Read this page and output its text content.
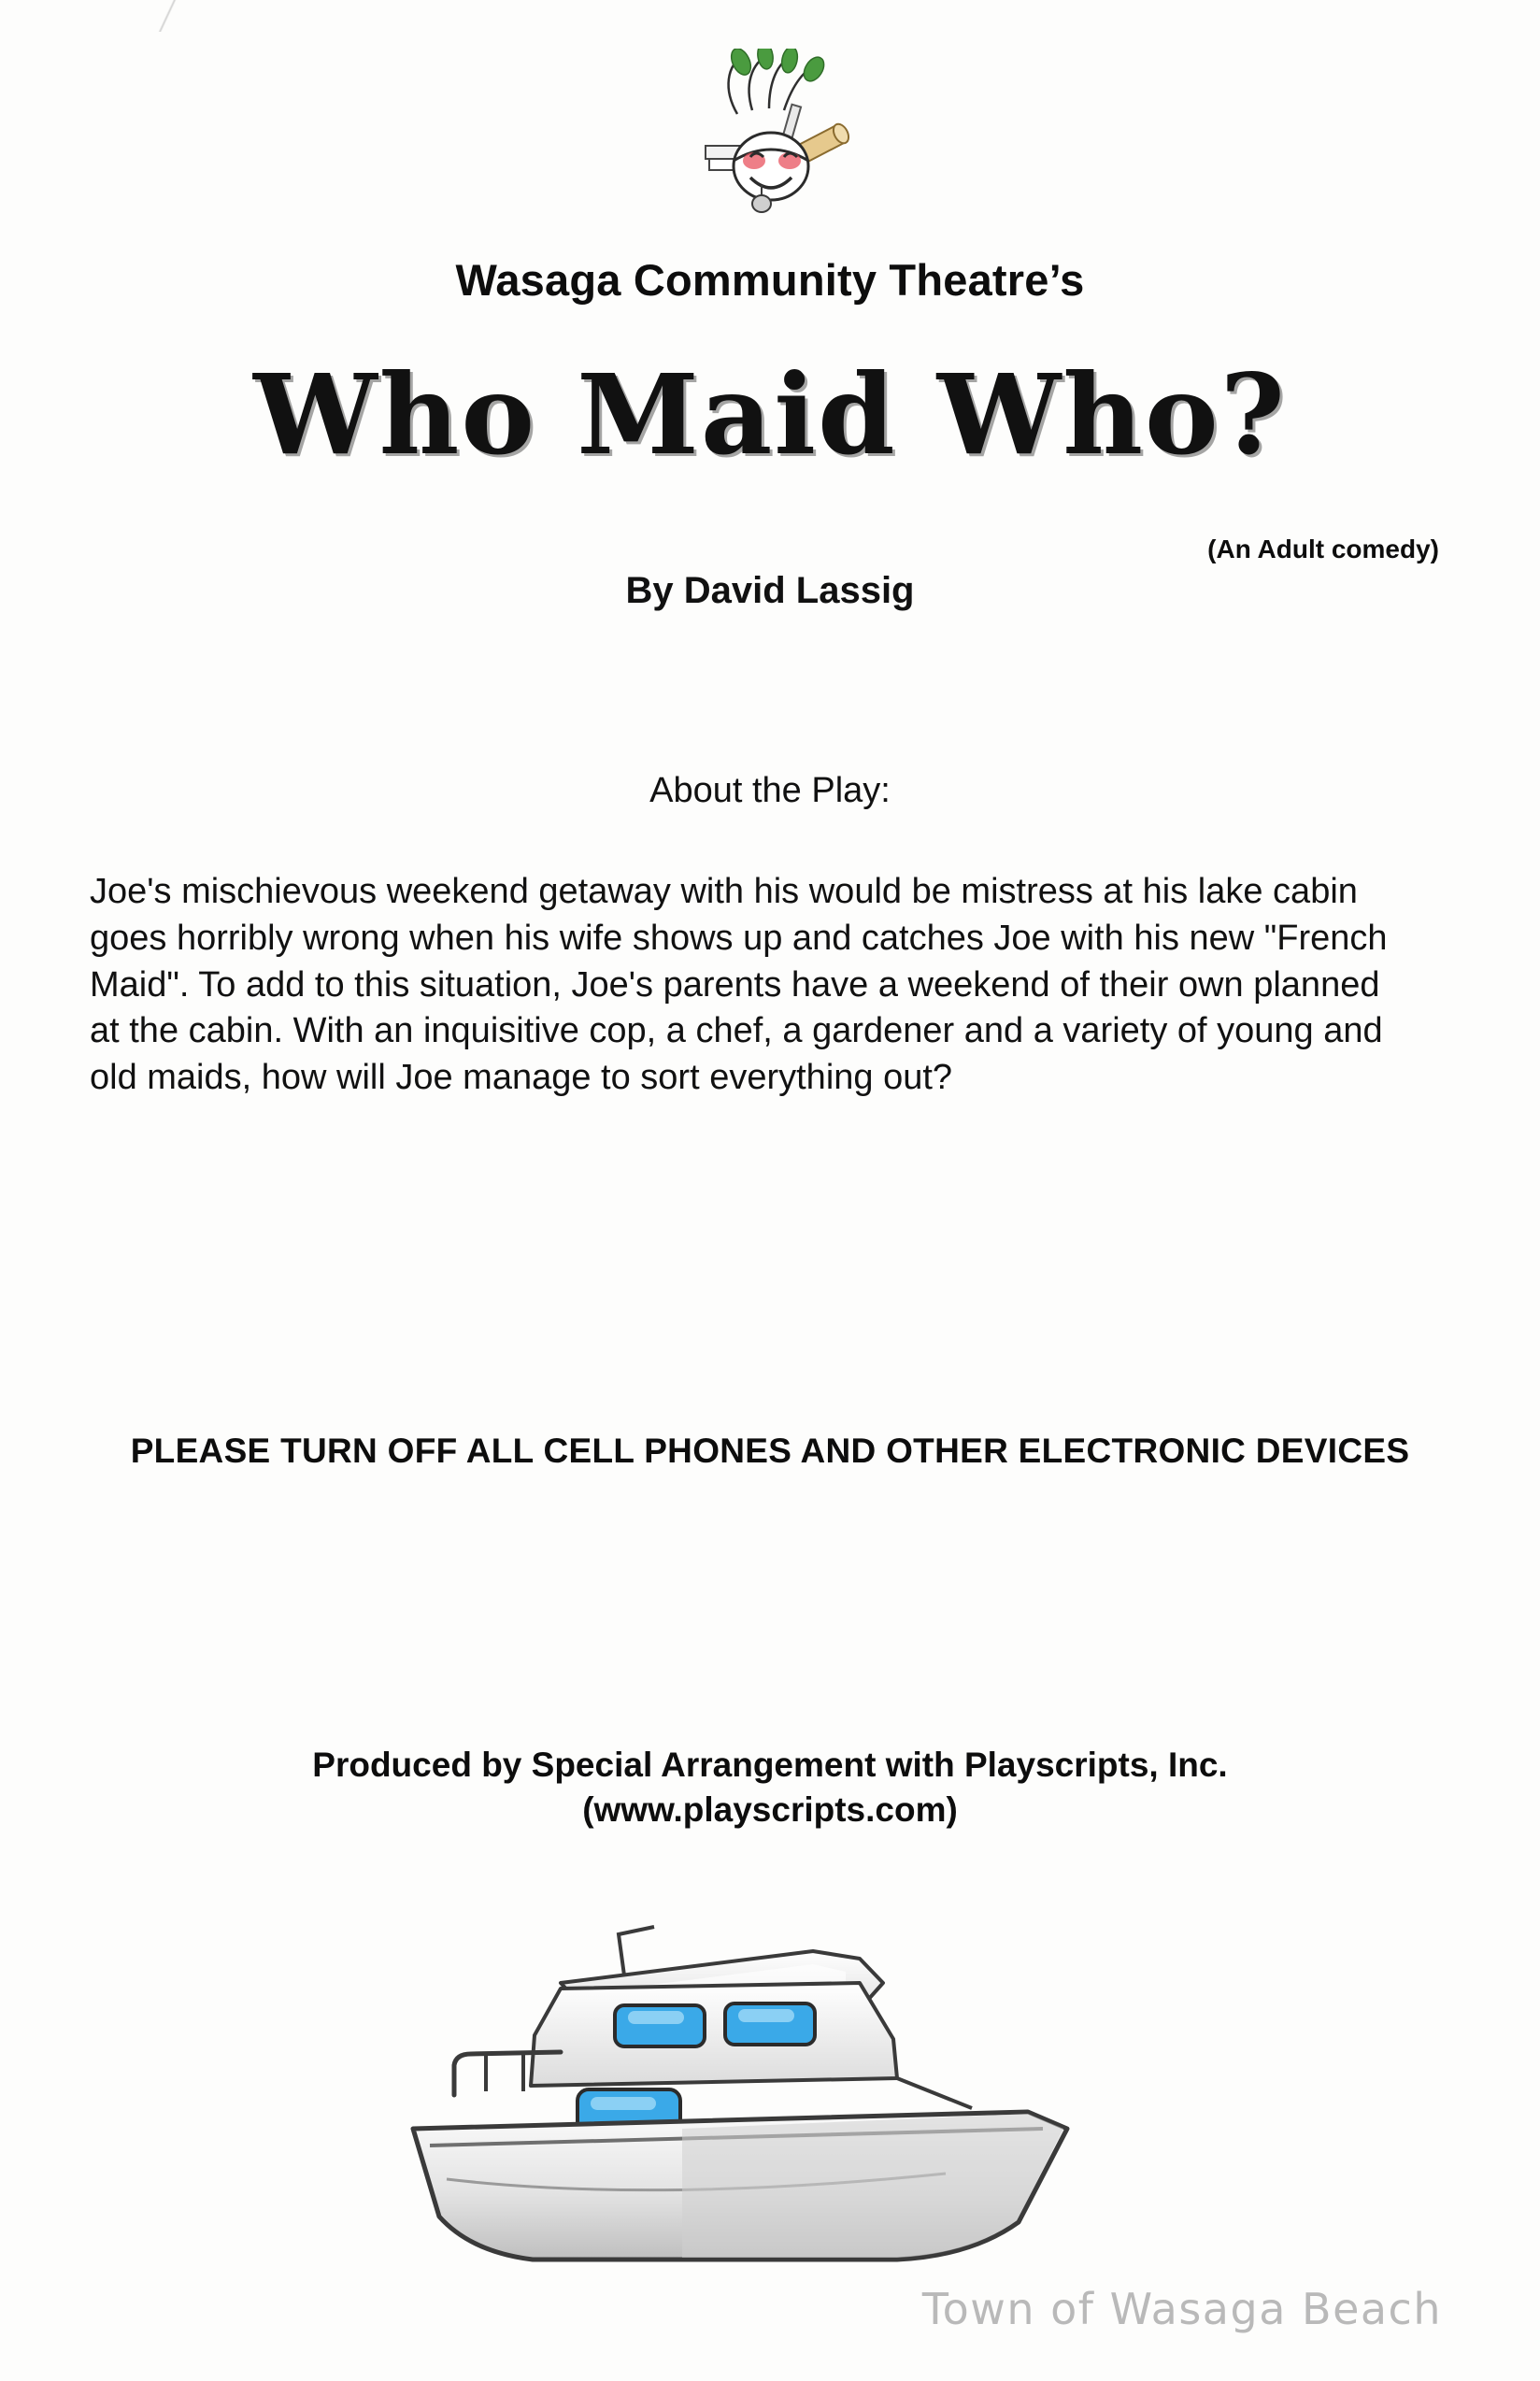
Wasaga Community Theatre’s
Who Maid Who?
(An Adult comedy)
By David Lassig
About the Play:
Joe's mischievous weekend getaway with his would be mistress at his lake cabin goes horribly wrong when his wife shows up and catches Joe with his new "French Maid". To add to this situation, Joe's parents have a weekend of their own planned at the cabin. With an inquisitive cop, a chef, a gardener and a variety of young and old maids, how will Joe manage to sort everything out?
PLEASE TURN OFF ALL CELL PHONES AND OTHER ELECTRONIC DEVICES
Produced by Special Arrangement with Playscripts, Inc.
(www.playscripts.com)
Town of Wasaga Beach
